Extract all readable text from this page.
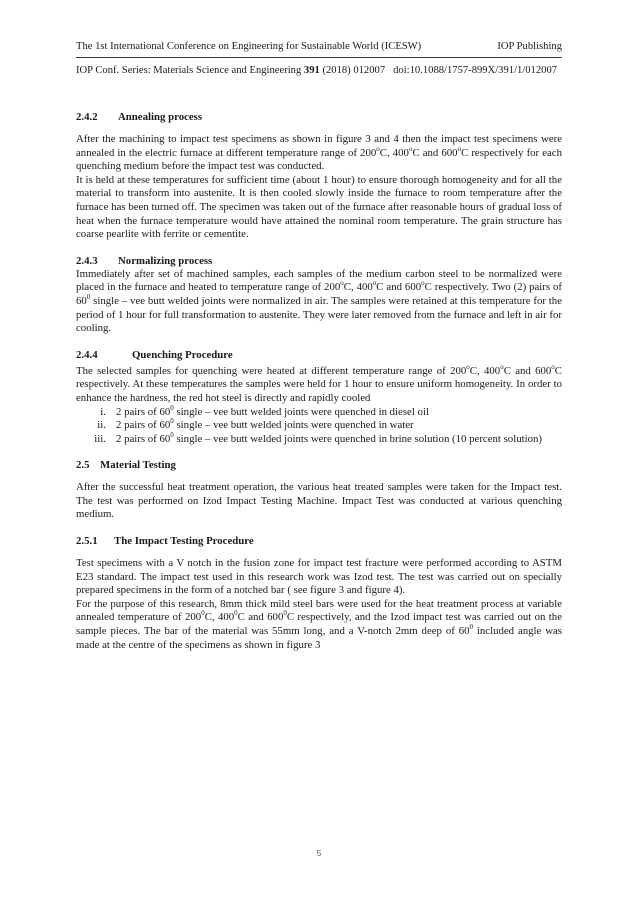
The 1st International Conference on Engineering for Sustainable World (ICESW)	IOP Publishing
IOP Conf. Series: Materials Science and Engineering 391 (2018) 012007 doi:10.1088/1757-899X/391/1/012007
2.4.2 Annealing process

After the machining to impact test specimens as shown in figure 3 and 4 then the impact test specimens were annealed in the electric furnace at different temperature range of 200$^o$C, 400$^o$C and 600$^o$C respectively for each quenching medium before the impact test was conducted.

It is held at these temperatures for sufficient time (about 1 hour) to ensure thorough homogeneity and for all the material to transform into austenite. It is then cooled slowly inside the furnace to room temperature after the furnace has been turned off. The specimen was taken out of the furnace after reasonable hours of gradual loss of heat when the furnace temperature would have attained the nominal room temperature. The grain structure has coarse pearlite with ferrite or cementite.

2.4.3 Normalizing process

Immediately after set of machined samples, each samples of the medium carbon steel to be normalized were placed in the furnace and heated to temperature range of 200$^o$C, 400$^o$C and 600$^o$C respectively. Two (2) pairs of $60^0$ single – vee butt welded joints were normalized in air. The samples were retained at this temperature for the period of 1 hour for full transformation to austenite. They were later removed from the furnace and left in air for cooling.

2.4.4	Quenching Procedure

The selected samples for quenching were heated at different temperature range of 200$^o$C, 400$^o$C and 600$^o$C respectively. At these temperatures the samples were held for 1 hour to ensure uniform homogeneity. In order to enhance the hardness, the red hot steel is directly and rapidly cooled

i. 2 pairs of $60^0$ single – vee butt welded joints were quenched in diesel oil
ii. 2 pairs of $60^0$ single – vee butt welded joints were quenched in water
iii. 2 pairs of $60^0$ single – vee butt welded joints were quenched in brine solution (10 percent solution)
2.5 Material Testing

After the successful heat treatment operation, the various heat treated samples were taken for the Impact test. The test was performed on Izod Impact Testing Machine. Impact Test was conducted at various quenching medium.

2.5.1 The Impact Testing Procedure

Test specimens with a V notch in the fusion zone for impact test fracture were performed according to ASTM E23 standard. The impact test used in this research work was Izod test. The test was carried out on specially prepared specimens in the form of a notched bar ( see figure 3 and figure 4).

For the purpose of this research, 8mm thick mild steel bars were used for the heat treatment process at variable annealed temperature of $200^0C$, $400^0C$ and $600^0C$ respectively, and the Izod impact test was carried out on the sample pieces. The bar of the material was 55mm long, and a V-notch 2mm deep of $60^0$ included angle was made at the centre of the specimens as shown in figure 3

5
